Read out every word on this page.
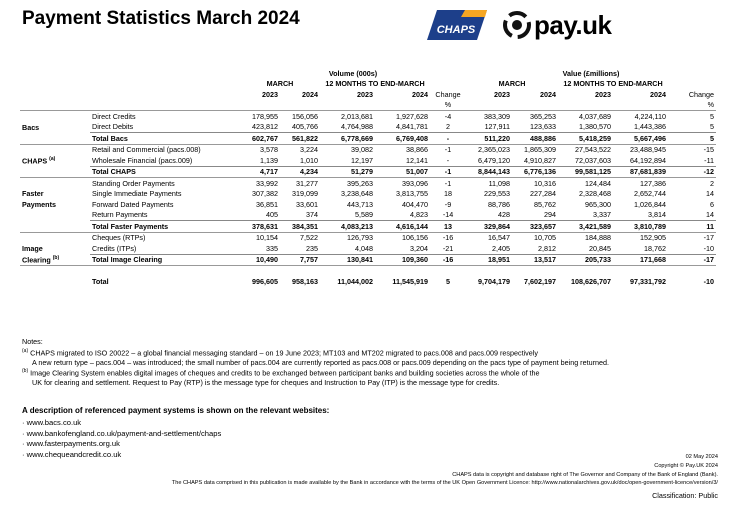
Payment Statistics March 2024
CHAPS pay.uk
		Volume (000s)					Value (£millions)				
		MARCH		12 MONTHS TO END-MARCH			MARCH		12 MONTHS TO END-MARCH		
		2023	2024	2023	2024	Change	2023	2024	2023	2024	Change
						%					%
	Direct Credits	178,955	156,056	2,013,681	1,927,628	-4	383,309	365,253	4,037,689	4,224,110	5
Bacs	Direct Debits	423,812	405,766	4,764,988	4,841,781	2	127,911	123,633	1,380,570	1,443,386	5
	Total Bacs	602,767	561,822	6,778,669	6,769,408	-	511,220	488,886	5,418,259	5,667,496	5
	Retail and Commercial (pacs.008)	3,578	3,224	39,082	38,866	-1	2,365,023	1,865,309	27,543,522	23,488,945	-15
CHAPS $^{(a)}$	Wholesale Financial (pacs.009)	1,139	1,010	12,197	12,141	-	6,479,120	4,910,827	72,037,603	64,192,894	-11
	Total CHAPS	4,717	4,234	51,279	51,007	-1	8,844,143	6,776,136	99,581,125	87,681,839	-12
	Standing Order Payments	33,992	31,277	395,263	393,096	-1	11,098	10,316	124,484	127,386	2
Faster	Single Immediate Payments	307,382	319,099	3,238,648	3,813,755	18	229,553	227,284	2,328,468	2,652,744	14
Payments	Forward Dated Payments	36,851	33,601	443,713	404,470	-9	88,786	85,762	965,300	1,026,844	6
	Return Payments	405	374	5,589	4,823	-14	428	294	3,337	3,814	14
	Total Faster Payments	378,631	384,351	4,083,213	4,616,144	13	329,864	323,657	3,421,589	3,810,789	11
	Cheques (RTPs)	10,154	7,522	126,793	106,156	-16	16,547	10,705	184,888	152,905	-17
Image	Credits (ITPs)	335	235	4,048	3,204	-21	2,405	2,812	20,845	18,762	-10
Clearing $^{(b)}$	Total Image Clearing	10,490	7,757	130,841	109,360	-16	18,951	13,517	205,733	171,668	-17

	Total	996,605	958,163	11,044,002	11,545,919	5	9,704,179	7,602,197	108,626,707	97,331,792	-10

Notes:

$^{(a)}$ CHAPS migrated to ISO 20022 – a global financial messaging standard – on 19 June 2023; MT103 and MT202 migrated to pacs.008 and pacs.009 respectively

A new return type – pacs.004 – was introduced; the small number of pacs.004 are currently reported as pacs.008 or pacs.009 depending on the pacs type of payment being returned.

$^{(b)}$ Image Clearing System enables digital images of cheques and credits to be exchanged between participant banks and building societies across the whole of the

UK for clearing and settlement. Request to Pay (RTP) is the message type for cheques and Instruction to Pay (ITP) is the message type for credits.

A description of referenced payment systems is shown on the relevant websites:
· www.bacs.co.uk
· www.bankofengland.co.uk/payment-and-settlement/chaps
· www.fasterpayments.org.uk
· www.chequeandcredit.co.uk	02 May 2024
Copyright © Pay.UK 2024
CHAPS data is copyright and database right of The Governor and Company of the Bank of England (Bank).
The CHAPS data comprised in this publication is made available by the Bank in accordance with the terms of the UK Open Government Licence: http://www.nationalarchives.gov.uk/doc/open-government-licence/version/3/
Classification: Public
